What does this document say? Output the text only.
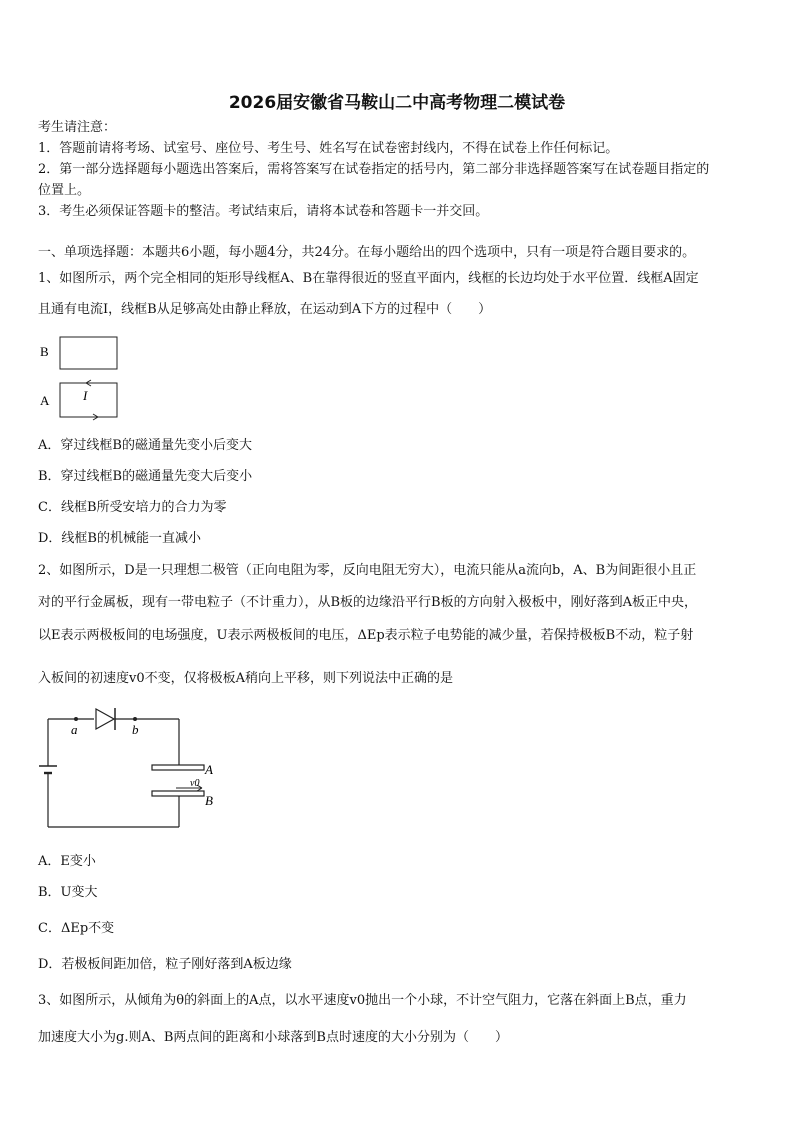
2026届安徽省马鞍山二中高考物理二模试卷
考生请注意：
1．答题前请将考场、试室号、座位号、考生号、姓名写在试卷密封线内，不得在试卷上作任何标记。
2．第一部分选择题每小题选出答案后，需将答案写在试卷指定的括号内，第二部分非选择题答案写在试卷题目指定的
位置上。
3．考生必须保证答题卡的整洁。考试结束后，请将本试卷和答题卡一并交回。
一、单项选择题：本题共6小题，每小题4分，共24分。在每小题给出的四个选项中，只有一项是符合题目要求的。
1、如图所示，两个完全相同的矩形导线框A、B在靠得很近的竖直平面内，线框的长边均处于水平位置．线框A固定
且通有电流I，线框B从足够高处由静止释放，在运动到A下方的过程中（　　）
B
A	I
A．穿过线框B的磁通量先变小后变大
B．穿过线框B的磁通量先变大后变小
C．线框B所受安培力的合力为零
D．线框B的机械能一直减小
2、如图所示，D是一只理想二极管（正向电阻为零，反向电阻无穷大），电流只能从a流向b，A、B为间距很小且正
对的平行金属板，现有一带电粒子（不计重力），从B板的边缘沿平行B板的方向射入极板中，刚好落到A板正中央，
以E表示两极板间的电场强度，U表示两极板间的电压，ΔEp表示粒子电势能的减少量，若保持极板B不动，粒子射
入板间的初速度v0不变，仅将极板A稍向上平移，则下列说法中正确的是
a	b
A
B
v0
A．E变小
B．U变大
C．ΔEp不变
D．若极板间距加倍，粒子刚好落到A板边缘
3、如图所示，从倾角为θ的斜面上的A点，以水平速度v0抛出一个小球，不计空气阻力，它落在斜面上B点，重力
加速度大小为g.则A、B两点间的距离和小球落到B点时速度的大小分别为（　　）
